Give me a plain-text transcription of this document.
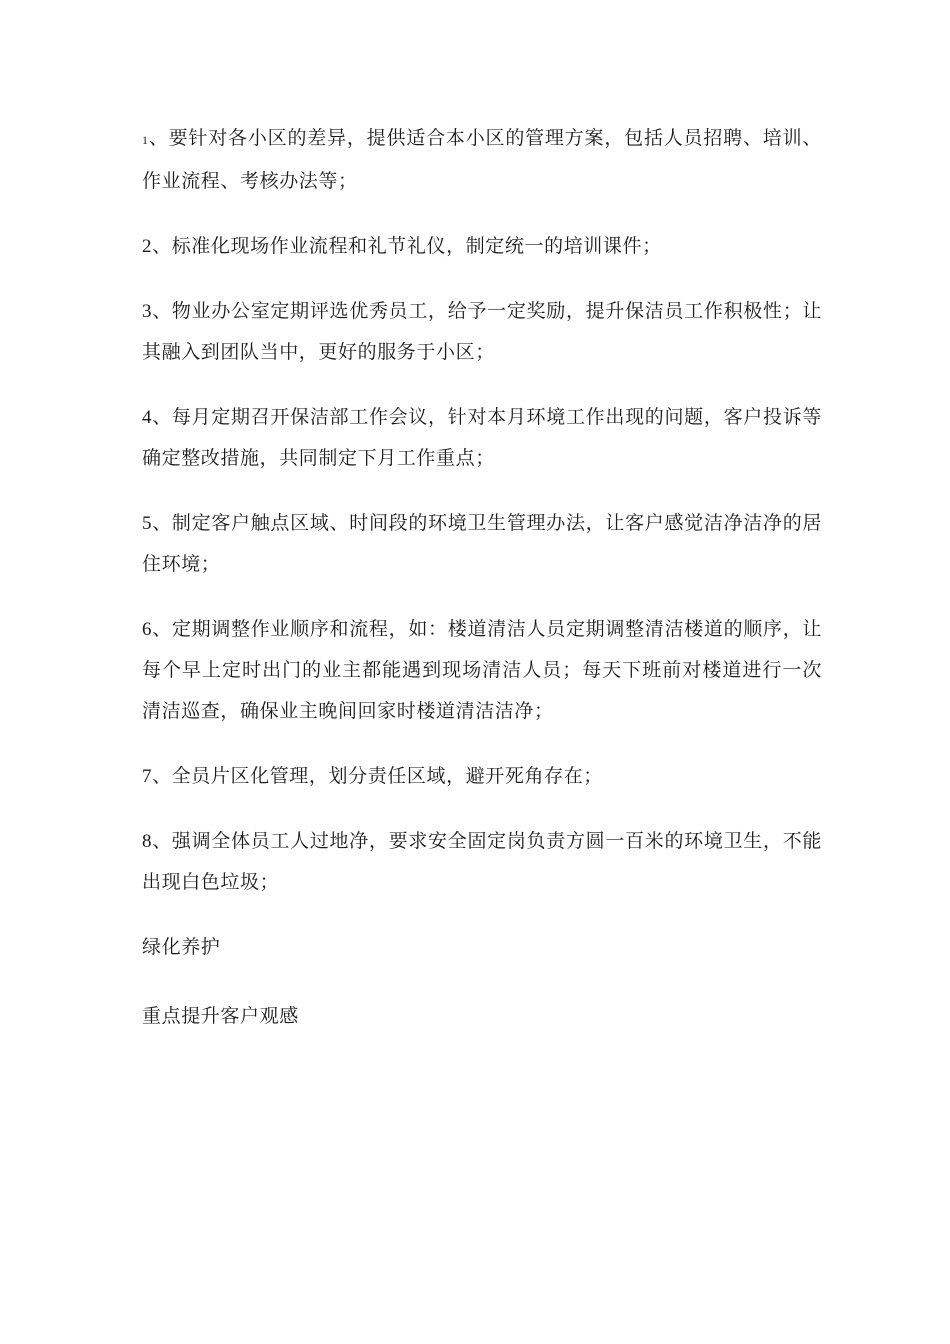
1、要针对各小区的差异，提供适合本小区的管理方案，包括人员招聘、培训、作业流程、考核办法等；

2、标准化现场作业流程和礼节礼仪，制定统一的培训课件；

3、物业办公室定期评选优秀员工，给予一定奖励，提升保洁员工作积极性；让其融入到团队当中，更好的服务于小区；

4、每月定期召开保洁部工作会议，针对本月环境工作出现的问题，客户投诉等确定整改措施，共同制定下月工作重点；

5、制定客户触点区域、时间段的环境卫生管理办法，让客户感觉洁净洁净的居住环境；

6、定期调整作业顺序和流程，如：楼道清洁人员定期调整清洁楼道的顺序，让每个早上定时出门的业主都能遇到现场清洁人员；每天下班前对楼道进行一次清洁巡查，确保业主晚间回家时楼道清洁洁净；

7、全员片区化管理，划分责任区域，避开死角存在；

8、强调全体员工人过地净，要求安全固定岗负责方圆一百米的环境卫生，不能出现白色垃圾；

绿化养护

重点提升客户观感
